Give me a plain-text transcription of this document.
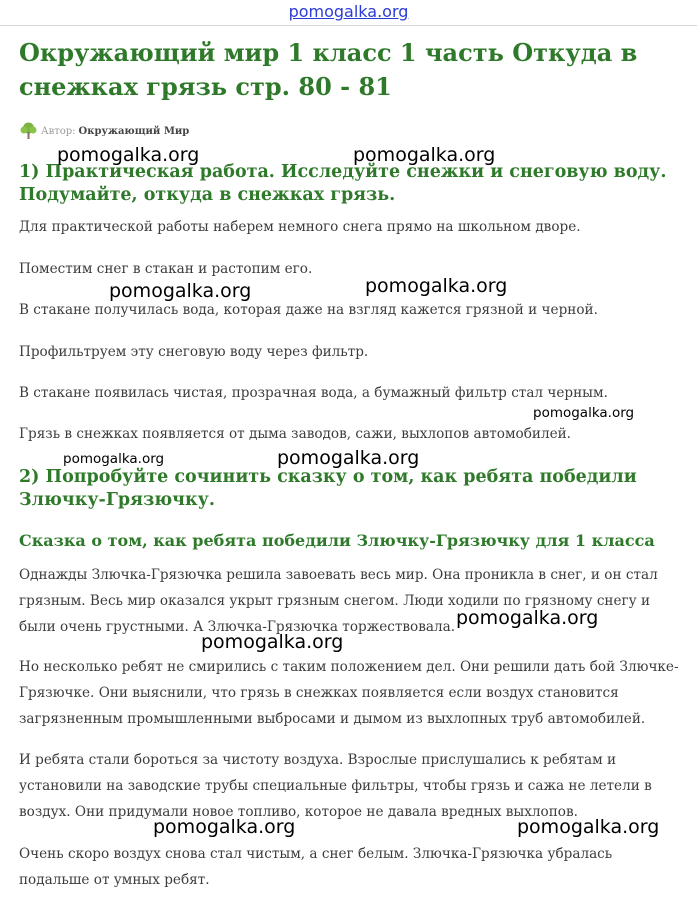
pomogalka.org
Окружающий мир 1 класс 1 часть Откуда в снежках грязь стр. 80 - 81
Автор: Окружающий Мир
1) Практическая работа. Исследуйте снежки и снеговую воду. Подумайте, откуда в снежках грязь.

Для практической работы наберем немного снега прямо на школьном дворе.

Поместим снег в стакан и растопим его.

В стакане получилась вода, которая даже на взгляд кажется грязной и черной.

Профильтруем эту снеговую воду через фильтр.

В стакане появилась чистая, прозрачная вода, а бумажный фильтр стал черным.

Грязь в снежках появляется от дыма заводов, сажи, выхлопов автомобилей.

2) Попробуйте сочинить сказку о том, как ребята победили Злючку-Грязючку.
Сказка о том, как ребята победили Злючку-Грязючку для 1 класса

Однажды Злючка-Грязючка решила завоевать весь мир. Она проникла в снег, и он стал грязным. Весь мир оказался укрыт грязным снегом. Люди ходили по грязному снегу и были очень грустными. А Злючка-Грязючка торжествовала.

Но несколько ребят не смирились с таким положением дел. Они решили дать бой Злючке-Грязючке. Они выяснили, что грязь в снежках появляется если воздух становится загрязненным промышленными выбросами и дымом из выхлопных труб автомобилей.

И ребята стали бороться за чистоту воздуха. Взрослые прислушались к ребятам и установили на заводские трубы специальные фильтры, чтобы грязь и сажа не летели в воздух. Они придумали новое топливо, которое не давала вредных выхлопов.

Очень скоро воздух снова стал чистым, а снег белым. Злючка-Грязючка убралась подальше от умных ребят.

pomogalka.org	pomogalka.org
pomogalka.org	pomogalka.org
pomogalka.org
pomogalka.org	pomogalka.org
pomogalka.org
pomogalka.org
pomogalka.org	pomogalka.org
